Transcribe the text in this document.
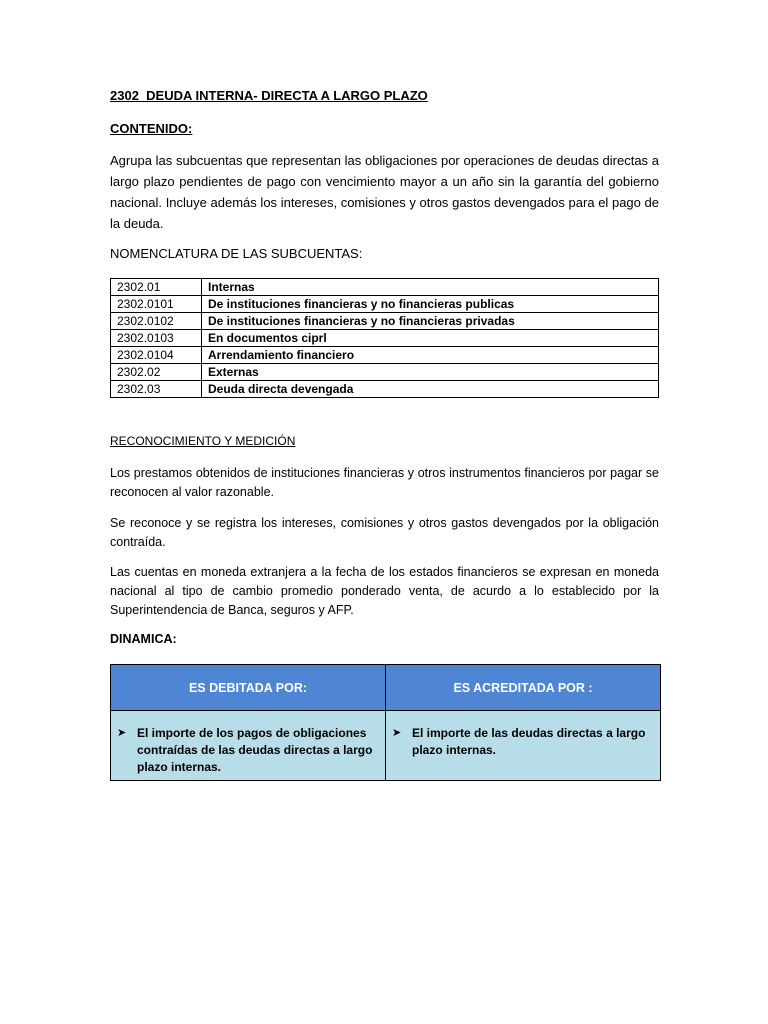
2302  DEUDA INTERNA- DIRECTA A LARGO PLAZO
CONTENIDO:
Agrupa las subcuentas que representan las obligaciones por operaciones de deudas directas a largo plazo pendientes de pago con vencimiento mayor a un año sin la garantía del gobierno nacional. Incluye además los intereses, comisiones y otros gastos devengados para el pago de la deuda.
NOMENCLATURA DE LAS SUBCUENTAS:
2302.01	Internas
2302.0101	De instituciones financieras y no financieras publicas
2302.0102	De instituciones financieras y no financieras privadas
2302.0103	En documentos ciprl
2302.0104	Arrendamiento financiero
2302.02	Externas
2302.03	Deuda directa devengada
RECONOCIMIENTO Y MEDICIÓN
Los prestamos obtenidos de instituciones financieras y otros instrumentos financieros por pagar se reconocen al valor razonable.
Se reconoce y se registra los intereses, comisiones y otros gastos devengados por la obligación contraída.
Las cuentas en moneda extranjera a la fecha de los estados financieros se expresan en moneda nacional al tipo de cambio promedio ponderado venta, de acurdo a lo establecido por la Superintendencia de Banca, seguros y AFP.
DINAMICA:
ES DEBITADA POR:	ES ACREDITADA POR :

➤ El importe de los pagos de obligaciones contraídas de las deudas directas a largo plazo internas.	➤ El importe de las deudas directas a largo plazo internas.
